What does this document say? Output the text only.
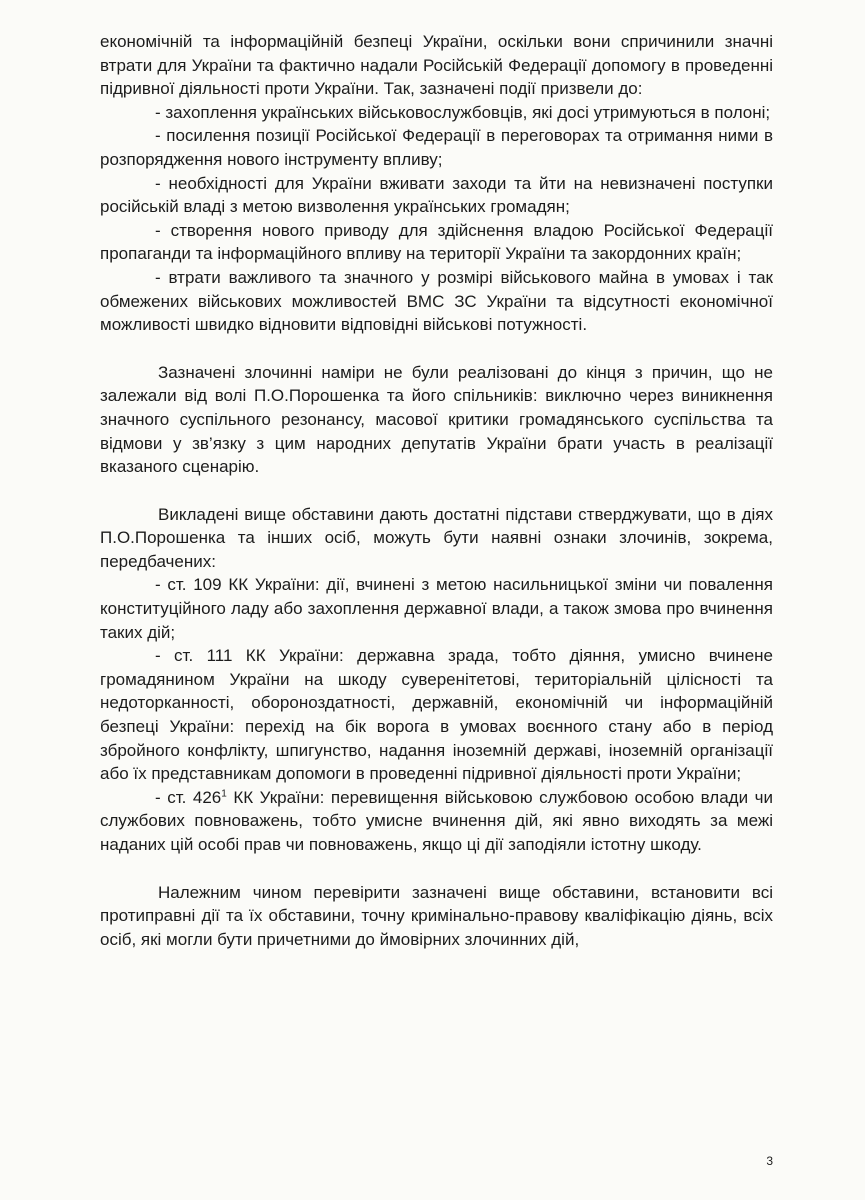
економічній та інформаційній безпеці України, оскільки вони спричинили значні втрати для України та фактично надали Російській Федерації допомогу в проведенні підривної діяльності проти України. Так, зазначені події призвели до:

- захоплення українських військовослужбовців, які досі утримуються в полоні;

- посилення позиції Російської Федерації в переговорах та отримання ними в розпорядження нового інструменту впливу;

- необхідності для України вживати заходи та йти на невизначені поступки російській владі з метою визволення українських громадян;

- створення нового приводу для здійснення владою Російської Федерації пропаганди та інформаційного впливу на території України та закордонних країн;

- втрати важливого та значного у розмірі військового майна в умовах і так обмежених військових можливостей ВМС ЗС України та відсутності економічної можливості швидко відновити відповідні військові потужності.

Зазначені злочинні наміри не були реалізовані до кінця з причин, що не залежали від волі П.О.Порошенка та його спільників: виключно через виникнення значного суспільного резонансу, масової критики громадянського суспільства та відмови у зв’язку з цим народних депутатів України брати участь в реалізації вказаного сценарію.

Викладені вище обставини дають достатні підстави стверджувати, що в діях П.О.Порошенка та інших осіб, можуть бути наявні ознаки злочинів, зокрема, передбачених:

- ст. 109 КК України: дії, вчинені з метою насильницької зміни чи повалення конституційного ладу або захоплення державної влади, а також змова про вчинення таких дій;

- ст. 111 КК України: державна зрада, тобто діяння, умисно вчинене громадянином України на шкоду суверенітетові, територіальній цілісності та недоторканності, обороноздатності, державній, економічній чи інформаційній безпеці України: перехід на бік ворога в умовах воєнного стану або в період збройного конфлікту, шпигунство, надання іноземній державі, іноземній організації або їх представникам допомоги в проведенні підривної діяльності проти України;

- ст. $426^1$ КК України: перевищення військовою службовою особою влади чи службових повноважень, тобто умисне вчинення дій, які явно виходять за межі наданих цій особі прав чи повноважень, якщо ці дії заподіяли істотну шкоду.

Належним чином перевірити зазначені вище обставини, встановити всі протиправні дії та їх обставини, точну кримінально-правову кваліфікацію діянь, всіх осіб, які могли бути причетними до ймовірних злочинних дій,

3
